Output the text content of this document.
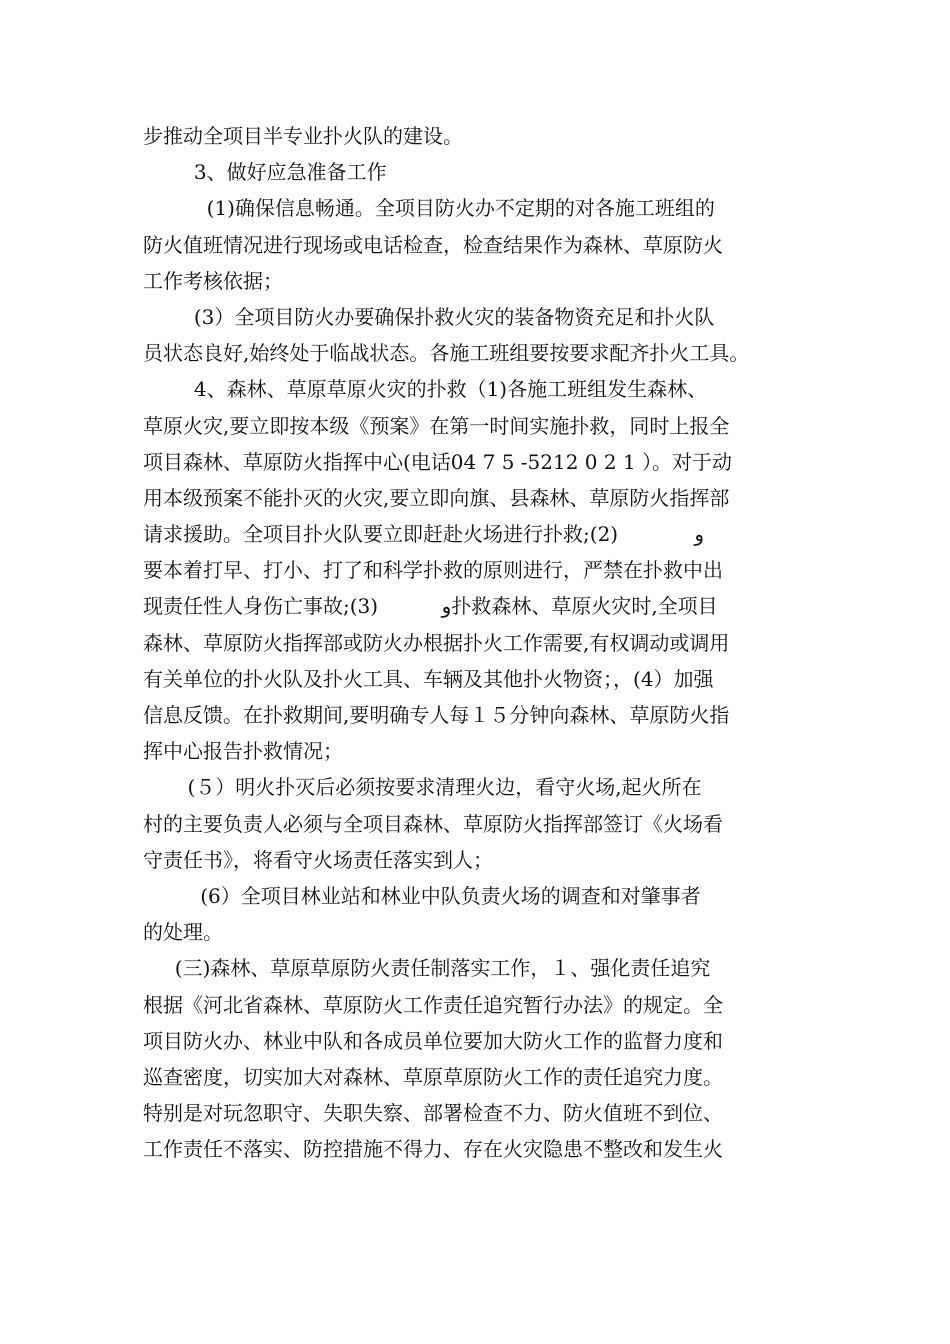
步推动全项目半专业扑火队的建设。
3、做好应急准备工作
(1)确保信息畅通。全项目防火办不定期的对各施工班组的
防火值班情况进行现场或电话检查，检查结果作为森林、草原防火
工作考核依据；
(3）全项目防火办要确保扑救火灾的装备物资充足和扑火队
员状态良好,始终处于临战状态。各施工班组要按要求配齐扑火工具。
4、森林、草原草原火灾的扑救（1)各施工班组发生森林、
草原火灾,要立即按本级《预案》在第一时间实施扑救，同时上报全
项目森林、草原防火指挥中心(电话04 7 5 -5212 0 2 1 ）。对于动
用本级预案不能扑灭的火灾,要立即向旗、县森林、草原防火指挥部
请求援助。全项目扑火队要立即赶赴火场进行扑救;و            (2)
要本着打早、打小、打了和科学扑救的原则进行，严禁在扑救中出
现责任性人身伤亡事故;(3)          و扑救森林、草原火灾时,全项目
森林、草原防火指挥部或防火办根据扑火工作需要,有权调动或调用
有关单位的扑火队及扑火工具、车辆及其他扑火物资；，(4）加强
信息反馈。在扑救期间,要明确专人每１５分钟向森林、草原防火指
挥中心报告扑救情况；
(５）明火扑灭后必须按要求清理火边，看守火场,起火所在
村的主要负责人必须与全项目森林、草原防火指挥部签订《火场看
守责任书》，将看守火场责任落实到人；
(6）全项目林业站和林业中队负责火场的调查和对肇事者
的处理。
(三)森林、草原草原防火责任制落实工作，１、强化责任追究
根据《河北省森林、草原防火工作责任追究暂行办法》的规定。全
项目防火办、林业中队和各成员单位要加大防火工作的监督力度和
巡查密度，切实加大对森林、草原草原防火工作的责任追究力度。
特别是对玩忽职守、失职失察、部署检查不力、防火值班不到位、
工作责任不落实、防控措施不得力、存在火灾隐患不整改和发生火
